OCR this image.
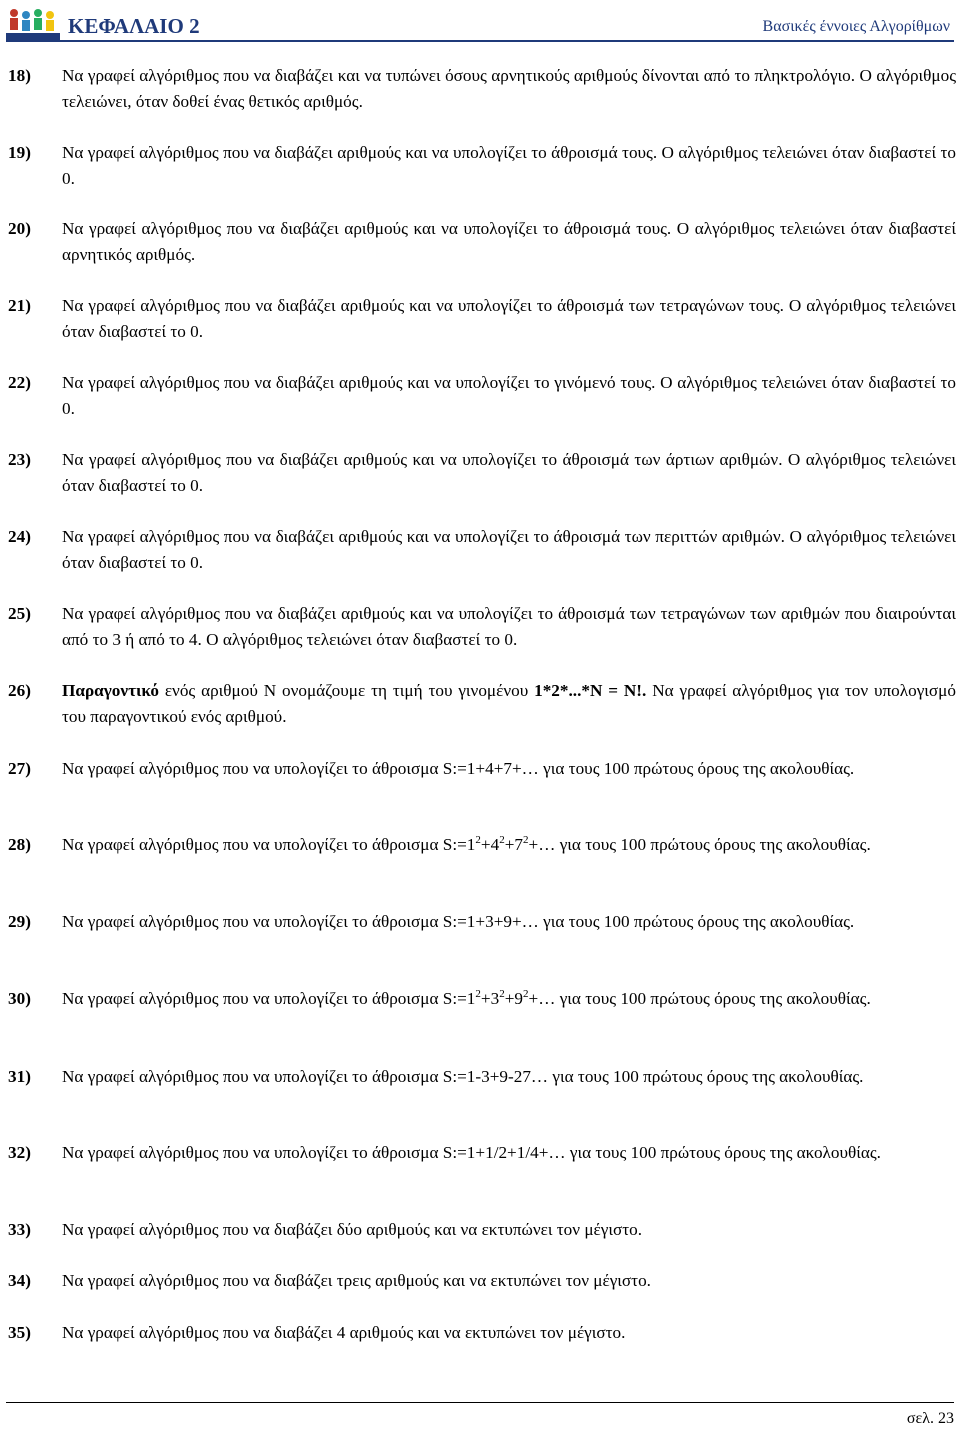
ΚΕΦΑΛΑΙΟ 2	Βασικές έννοιες Αλγορίθμων
18) Να γραφεί αλγόριθμος που να διαβάζει και να τυπώνει όσους αρνητικούς αριθμούς δίνονται από το πληκτρολόγιο. Ο αλγόριθμος τελειώνει, όταν δοθεί ένας θετικός αριθμός.
19) Να γραφεί αλγόριθμος που να διαβάζει αριθμούς και να υπολογίζει το άθροισμά τους. Ο αλγόριθμος τελειώνει όταν διαβαστεί το 0.
20) Να γραφεί αλγόριθμος που να διαβάζει αριθμούς και να υπολογίζει το άθροισμά τους. Ο αλγόριθμος τελειώνει όταν διαβαστεί αρνητικός αριθμός.
21) Να γραφεί αλγόριθμος που να διαβάζει αριθμούς και να υπολογίζει το άθροισμά των τετραγώνων τους. Ο αλγόριθμος τελειώνει όταν διαβαστεί το 0.
22) Να γραφεί αλγόριθμος που να διαβάζει αριθμούς και να υπολογίζει το γινόμενό τους. Ο αλγόριθμος τελειώνει όταν διαβαστεί το 0.
23) Να γραφεί αλγόριθμος που να διαβάζει αριθμούς και να υπολογίζει το άθροισμά των άρτιων αριθμών. Ο αλγόριθμος τελειώνει όταν διαβαστεί το 0.
24) Να γραφεί αλγόριθμος που να διαβάζει αριθμούς και να υπολογίζει το άθροισμά των περιττών αριθμών. Ο αλγόριθμος τελειώνει όταν διαβαστεί το 0.
25) Να γραφεί αλγόριθμος που να διαβάζει αριθμούς και να υπολογίζει το άθροισμά των τετραγώνων των αριθμών που διαιρούνται από το 3 ή από το 4. Ο αλγόριθμος τελειώνει όταν διαβαστεί το 0.
26) Παραγοντικό ενός αριθμού Ν ονομάζουμε τη τιμή του γινομένου 1*2*...*N = N!. Να γραφεί αλγόριθμος για τον υπολογισμό του παραγοντικού ενός αριθμού.
27) Να γραφεί αλγόριθμος που να υπολογίζει το άθροισμα S:=1+4+7+… για τους 100 πρώτους όρους της ακολουθίας.
28) Να γραφεί αλγόριθμος που να υπολογίζει το άθροισμα $S:=1^2+4^2+7^2+\dots$ για τους 100 πρώτους όρους της ακολουθίας.
29) Να γραφεί αλγόριθμος που να υπολογίζει το άθροισμα S:=1+3+9+… για τους 100 πρώτους όρους της ακολουθίας.
30) Να γραφεί αλγόριθμος που να υπολογίζει το άθροισμα $S:=1^2+3^2+9^2+\dots$ για τους 100 πρώτους όρους της ακολουθίας.
31) Να γραφεί αλγόριθμος που να υπολογίζει το άθροισμα S:=1-3+9-27… για τους 100 πρώτους όρους της ακολουθίας.
32) Να γραφεί αλγόριθμος που να υπολογίζει το άθροισμα S:=1+1/2+1/4+… για τους 100 πρώτους όρους της ακολουθίας.
33) Να γραφεί αλγόριθμος που να διαβάζει δύο αριθμούς και να εκτυπώνει τον μέγιστο.
34) Να γραφεί αλγόριθμος που να διαβάζει τρεις αριθμούς και να εκτυπώνει τον μέγιστο.
35) Να γραφεί αλγόριθμος που να διαβάζει 4 αριθμούς και να εκτυπώνει τον μέγιστο.
σελ. 23
